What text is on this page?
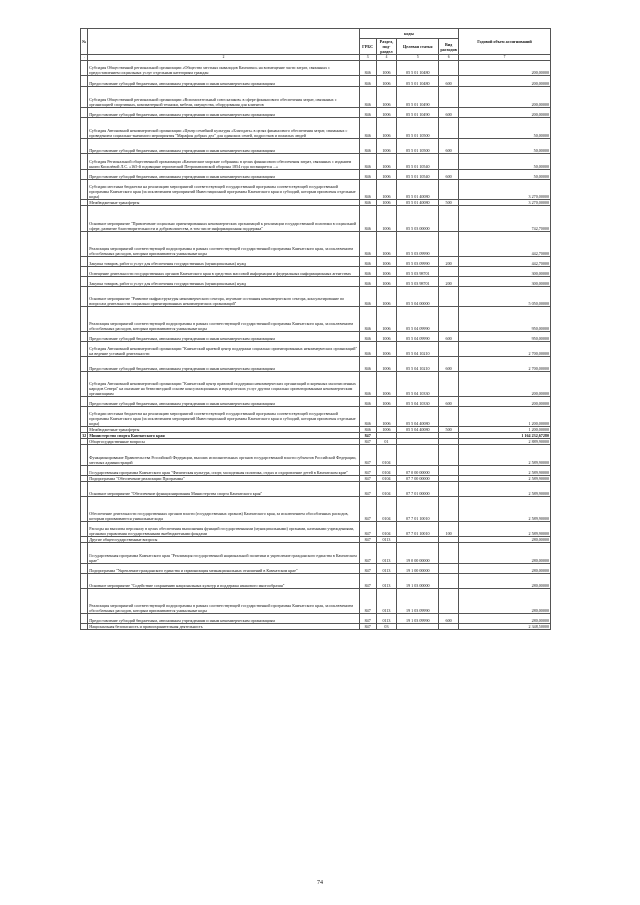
№		коды				Годовой объем ассигнований
		ГРБС	Раздел, под-раздел	Целевая статья	Вид расходов	
.	2	3	4	5	6	7
	Субсидия Общественной региональной организации «Общество местных инвалидов Камчатки» на возмещение части затрат, связанных с предоставлением социальных услуг отдельным категориям граждан	846	1006	05 5 01 10480		200,00000
	Предоставление субсидий бюджетным, автономным учреждениям и иным некоммерческим организациям	846	1006	05 5 01 10480	600	200,00000
	Субсидия Общественной региональной организации «Вспомогательный союз казаков» в сфере финансового обеспечения затрат, связанных с организацией спортивных, компьютерной техники, мебели, имущества, оборудования для клиентов	846	1006	05 5 01 10490		200,00000
	Предоставление субсидий бюджетным, автономным учреждениям и иным некоммерческим организациям	846	1006	05 5 01 10490	600	200,00000
	Субсидия Автономной некоммерческой организации «Центр семейной культуры «Благодать» в целях финансового обеспечения затрат, связанных с проведением социально-значимого мероприятия "Марафон добрых дел" для одиноких семей, подростков и пожилых людей	846	1006	05 5 01 10500		50,00000
	Предоставление субсидий бюджетным, автономным учреждениям и иным некоммерческим организациям	846	1006	05 5 01 10500	600	50,00000
	Субсидия Региональной общественной организации «Камчатские морские собрания» в целях финансового обеспечения затрат, связанных с изданием книги Кисилёвой Л.С. «165-й годовщине героической Петропавловской обороны 1854 года посвящается ...»	846	1006	05 5 01 10540		50,00000
	Предоставление субсидий бюджетным, автономным учреждениям и иным некоммерческим организациям	846	1006	05 5 01 10540	600	50,00000
	Субсидии местным бюджетам на реализацию мероприятий соответствующей государственной программы соответствующей государственной программы Камчатского края (за исключением мероприятий Инвестиционной программы Камчатского края и субсидий, которым присвоены отдельные коды)	846	1006	05 5 01 40080		3 270,00000
	Межбюджетные трансферты	846	1006	05 5 01 40080	500	3 270,00000
	Основное мероприятие "Привлечение социально ориентированных некоммерческих организаций к реализации государственной политики в социальной сфере, развитие благотворительности и добровольчества, в том числе информационная поддержка"	846	1006	05 5 03 00000		742,70000
	Реализация мероприятий соответствующей подпрограммы в рамках соответствующей государственной программы Камчатского края, за исключением обособленных расходов, которым присваиваются уникальные коды	846	1006	05 5 03 09990		442,70000
	Закупка товаров, работ и услуг для обеспечения государственных (муниципальных) нужд	846	1006	05 5 03 09990	200	442,70000
	Освещение деятельности государственных органов Камчатского края в средствах массовой информации и федеральных информационных агентствах	846	1006	05 5 03 98701		300,00000
	Закупка товаров, работ и услуг для обеспечения государственных (муниципальных) нужд	846	1006	05 5 03 98701	200	300,00000
	Основное мероприятие "Развитие инфраструктуры некоммерческого сектора, изучение состояния некоммерческого сектора, консультирование по вопросам деятельности социально ориентированных некоммерческих организаций"	846	1006	05 5 04 00000		5 050,00000
	Реализация мероприятий соответствующей подпрограммы в рамках соответствующей государственной программы Камчатского края, за исключением обособленных расходов, которым присваиваются уникальные коды	846	1006	05 5 04 09990		950,00000
	Предоставление субсидий бюджетным, автономным учреждениям и иным некоммерческим организациям	846	1006	05 5 04 09990	600	950,00000
	Субсидия Автономной некоммерческой организации "Камчатский краевой центр поддержки социально ориентированных некоммерческих организаций" на ведение уставной деятельности	846	1006	05 5 04 10210		2 700,00000
	Предоставление субсидий бюджетным, автономным учреждениям и иным некоммерческим организациям	846	1006	05 5 04 10210	600	2 700,00000
	Субсидия Автономной некоммерческой организации "Камчатский центр правовой поддержки некоммерческих организаций и коренных малочисленных народов Севера" на оказание на безвозмездной основе консультационных и юридических услуг другим социально ориентированным некоммерческим организациям	846	1006	05 5 04 10330		200,00000
	Предоставление субсидий бюджетным, автономным учреждениям и иным некоммерческим организациям	846	1006	05 5 04 10330	600	200,00000
	Субсидии местным бюджетам на реализацию мероприятий соответствующей государственной программы соответствующей государственной программы Камчатского края (за исключением мероприятий Инвестиционной программы Камчатского края и субсидий, которым присвоены отдельные коды)	846	1006	05 5 04 40080		1 200,00000
	Межбюджетные трансферты	846	1006	05 5 04 40080	500	1 200,00000
32	Министерство спорта Камчатского края	847				1 164 232,67280
	Общегосударственные вопросы	847	01			2 889,90000
	Функционирование Правительства Российской Федерации, высших исполнительных органов государственной власти субъектов Российской Федерации, местных администраций	847	0104			2 589,90000
	Государственная программа Камчатского края "Физическая культура, спорт, молодежная политика, отдых и оздоровление детей в Камчатском крае"	847	0104	07 0 00 00000		2 589,90000
	Подпрограмма "Обеспечение реализации Программы"	847	0104	07 7 00 00000		2 589,90000
	Основное мероприятие "Обеспечение функционирования Министерства спорта Камчатского края"	847	0104	07 7 01 00000		2 589,90000
	Обеспечение деятельности государственных органов власти (государственных органов) Камчатского края, за исключением обособленных расходов, которым присваиваются уникальные коды	847	0104	07 7 01 10010		2 589,90000
	Расходы на выплаты персоналу в целях обеспечения выполнения функций государственными (муниципальными) органами, казенными учреждениями, органами управления государственными внебюджетными фондами	847	0104	07 7 01 10010	100	2 589,90000
	Другие общегосударственные вопросы	847	0113			280,00000
	Государственная программа Камчатского края "Реализация государственной национальной политики и укрепление гражданского единства в Камчатском крае"	847	0113	19 0 00 00000		280,00000
	Подпрограмма "Укрепление гражданского единства и гармонизация межнациональных отношений в Камчатском крае"	847	0113	19 1 00 00000		280,00000
	Основное мероприятие "Содействие сохранению национальных культур и поддержка языкового многообразия"	847	0113	19 1 03 00000		280,00000
	Реализация мероприятий соответствующей подпрограммы в рамках соответствующей государственной программы Камчатского края, за исключением обособленных расходов, которым присваиваются уникальные коды	847	0113	19 1 03 09990		280,00000
	Предоставление субсидий бюджетным, автономным учреждениям и иным некоммерческим организациям	847	0113	19 1 03 09990	600	280,00000
	Национальная безопасность и правоохранительная деятельность	847	03			2 348,50000
74
